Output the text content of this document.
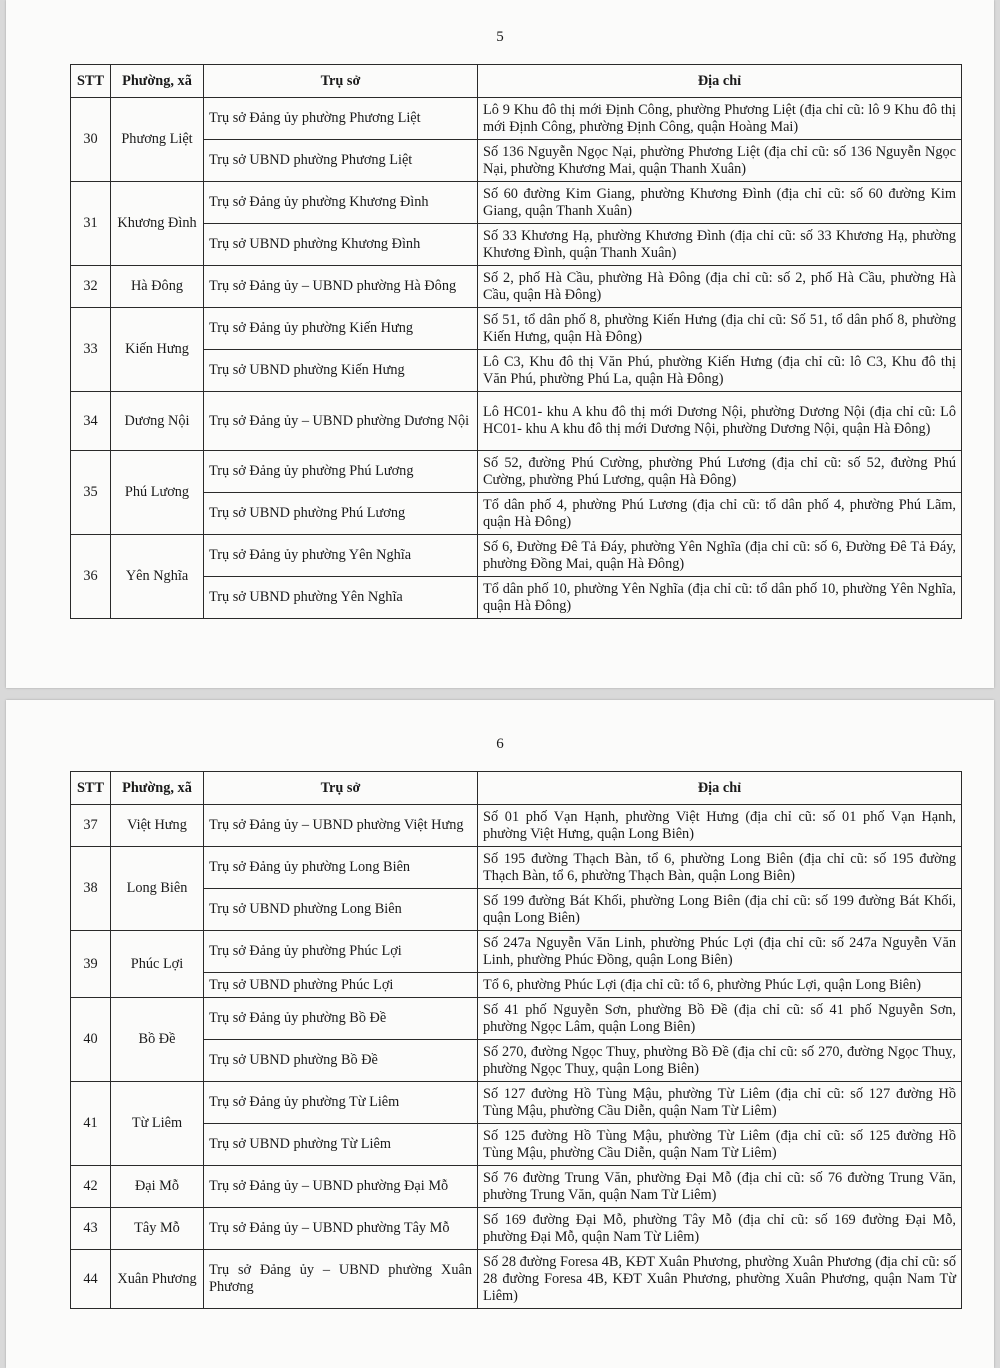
5
STT	Phường, xã	Trụ sở	Địa chỉ
30	Phương Liệt	Trụ sở Đảng ủy phường Phương Liệt	Lô 9 Khu đô thị mới Định Công, phường Phương Liệt (địa chỉ cũ: lô 9 Khu đô thị mới Định Công, phường Định Công, quận Hoàng Mai)
		Trụ sở UBND phường Phương Liệt	Số 136 Nguyễn Ngọc Nại, phường Phương Liệt (địa chỉ cũ: số 136 Nguyễn Ngọc Nại, phường Khương Mai, quận Thanh Xuân)
31	Khương Đình	Trụ sở Đảng ủy phường Khương Đình	Số 60 đường Kim Giang, phường Khương Đình (địa chỉ cũ: số 60 đường Kim Giang, quận Thanh Xuân)
		Trụ sở UBND phường Khương Đình	Số 33 Khương Hạ, phường Khương Đình (địa chỉ cũ: số 33 Khương Hạ, phường Khương Đình, quận Thanh Xuân)
32	Hà Đông	Trụ sở Đảng ủy – UBND phường Hà Đông	Số 2, phố Hà Cầu, phường Hà Đông (địa chỉ cũ: số 2, phố Hà Cầu, phường Hà Cầu, quận Hà Đông)
33	Kiến Hưng	Trụ sở Đảng ủy phường Kiến Hưng	Số 51, tổ dân phố 8, phường Kiến Hưng (địa chỉ cũ: Số 51, tổ dân phố 8, phường Kiến Hưng, quận Hà Đông)
		Trụ sở UBND phường Kiến Hưng	Lô C3, Khu đô thị Văn Phú, phường Kiến Hưng (địa chỉ cũ: lô C3, Khu đô thị Văn Phú, phường Phú La, quận Hà Đông)
34	Dương Nội	Trụ sở Đảng ủy – UBND phường Dương Nội	Lô HC01- khu A khu đô thị mới Dương Nội, phường Dương Nội (địa chỉ cũ: Lô HC01- khu A khu đô thị mới Dương Nội, phường Dương Nội, quận Hà Đông)
35	Phú Lương	Trụ sở Đảng ủy phường Phú Lương	Số 52, đường Phú Cường, phường Phú Lương (địa chỉ cũ: số 52, đường Phú Cường, phường Phú Lương, quận Hà Đông)
		Trụ sở UBND phường Phú Lương	Tổ dân phố 4, phường Phú Lương (địa chỉ cũ: tổ dân phố 4, phường Phú Lãm, quận Hà Đông)
36	Yên Nghĩa	Trụ sở Đảng ủy phường Yên Nghĩa	Số 6, Đường Đê Tả Đáy, phường Yên Nghĩa (địa chỉ cũ: số 6, Đường Đê Tả Đáy, phường Đồng Mai, quận Hà Đông)
		Trụ sở UBND phường Yên Nghĩa	Tổ dân phố 10, phường Yên Nghĩa (địa chỉ cũ: tổ dân phố 10, phường Yên Nghĩa, quận Hà Đông)
6
STT	Phường, xã	Trụ sở	Địa chỉ
37	Việt Hưng	Trụ sở Đảng ủy – UBND phường Việt Hưng	Số 01 phố Vạn Hạnh, phường Việt Hưng (địa chỉ cũ: số 01 phố Vạn Hạnh, phường Việt Hưng, quận Long Biên)
38	Long Biên	Trụ sở Đảng ủy phường Long Biên	Số 195 đường Thạch Bàn, tổ 6, phường Long Biên (địa chỉ cũ: số 195 đường Thạch Bàn, tổ 6, phường Thạch Bàn, quận Long Biên)
		Trụ sở UBND phường Long Biên	Số 199 đường Bát Khối, phường Long Biên (địa chỉ cũ: số 199 đường Bát Khối, quận Long Biên)
39	Phúc Lợi	Trụ sở Đảng ủy phường Phúc Lợi	Số 247a Nguyễn Văn Linh, phường Phúc Lợi (địa chỉ cũ: số 247a Nguyễn Văn Linh, phường Phúc Đồng, quận Long Biên)
		Trụ sở UBND phường Phúc Lợi	Tổ 6, phường Phúc Lợi (địa chỉ cũ: tổ 6, phường Phúc Lợi, quận Long Biên)
40	Bồ Đề	Trụ sở Đảng ủy phường Bồ Đề	Số 41 phố Nguyễn Sơn, phường Bồ Đề (địa chỉ cũ: số 41 phố Nguyễn Sơn, phường Ngọc Lâm, quận Long Biên)
		Trụ sở UBND phường Bồ Đề	Số 270, đường Ngọc Thuỵ, phường Bồ Đề (địa chỉ cũ: số 270, đường Ngọc Thuỵ, phường Ngọc Thuỵ, quận Long Biên)
41	Từ Liêm	Trụ sở Đảng ủy phường Từ Liêm	Số 127 đường Hồ Tùng Mậu, phường Từ Liêm (địa chỉ cũ: số 127 đường Hồ Tùng Mậu, phường Cầu Diễn, quận Nam Từ Liêm)
		Trụ sở UBND phường Từ Liêm	Số 125 đường Hồ Tùng Mậu, phường Từ Liêm (địa chỉ cũ: số 125 đường Hồ Tùng Mậu, phường Cầu Diễn, quận Nam Từ Liêm)
42	Đại Mỗ	Trụ sở Đảng ủy – UBND phường Đại Mỗ	Số 76 đường Trung Văn, phường Đại Mỗ (địa chỉ cũ: số 76 đường Trung Văn, phường Trung Văn, quận Nam Từ Liêm)
43	Tây Mỗ	Trụ sở Đảng ủy – UBND phường Tây Mỗ	Số 169 đường Đại Mỗ, phường Tây Mỗ (địa chỉ cũ: số 169 đường Đại Mỗ, phường Đại Mỗ, quận Nam Từ Liêm)
44	Xuân Phương	Trụ sở Đảng ủy – UBND phường Xuân Phương	Số 28 đường Foresa 4B, KĐT Xuân Phương, phường Xuân Phương (địa chỉ cũ: số 28 đường Foresa 4B, KĐT Xuân Phương, phường Xuân Phương, quận Nam Từ Liêm)
